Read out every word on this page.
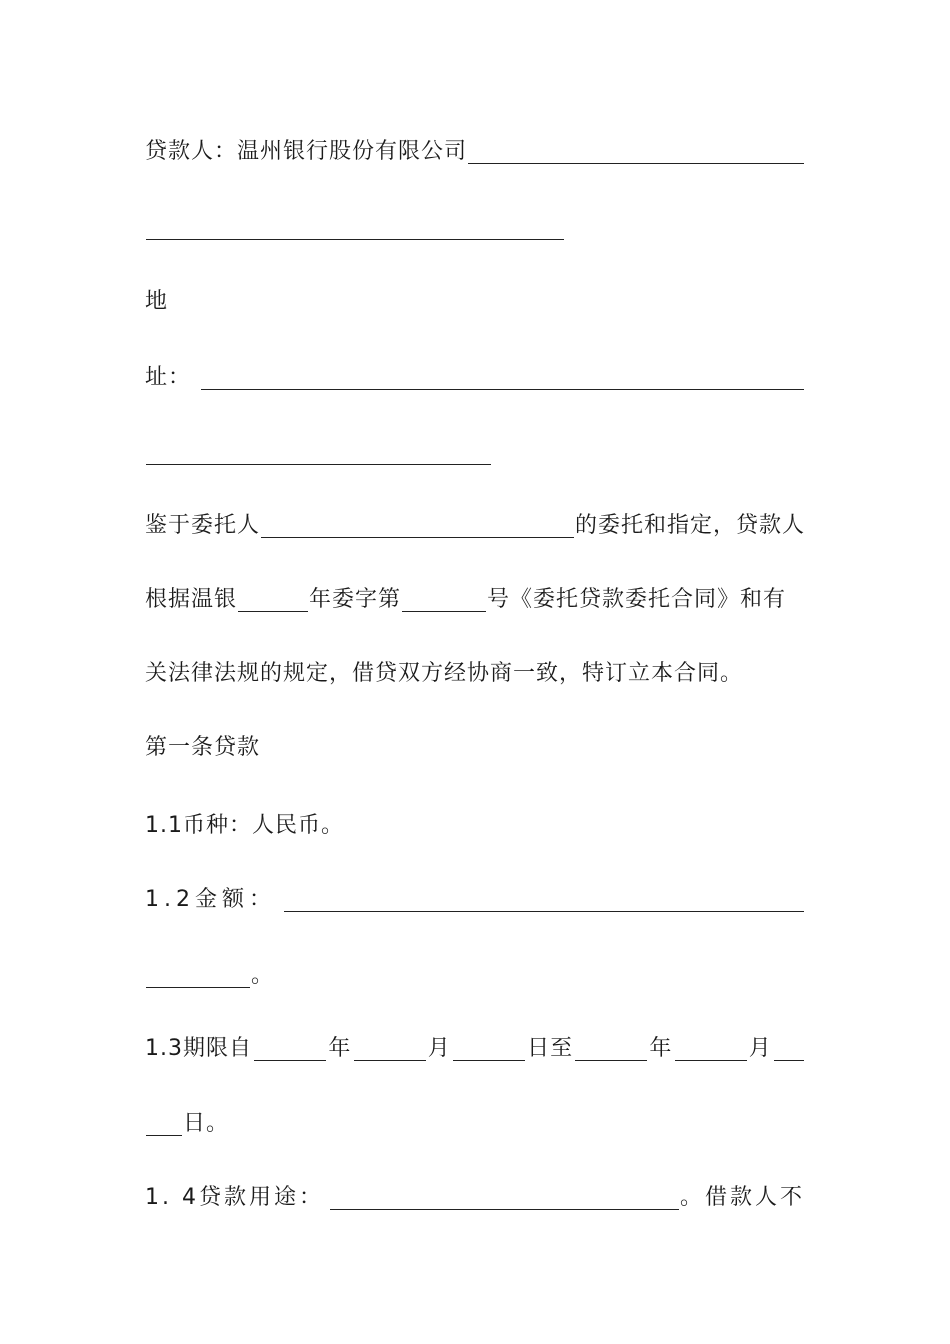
贷款人： 温州银行股份有限公司
地
址：
鉴于委托人	的委托和指定，贷款人
根据温银	年委字第	号《委托贷款委托合同》和有
关法律法规的规定，借贷双方经协商一致，特订立本合同。
第一条贷款
1.1币种：人民币。
1.2金额：
。
1.3期限自	年	月	日至	年	月
日。
1. 4贷款用途：	。借款人不
